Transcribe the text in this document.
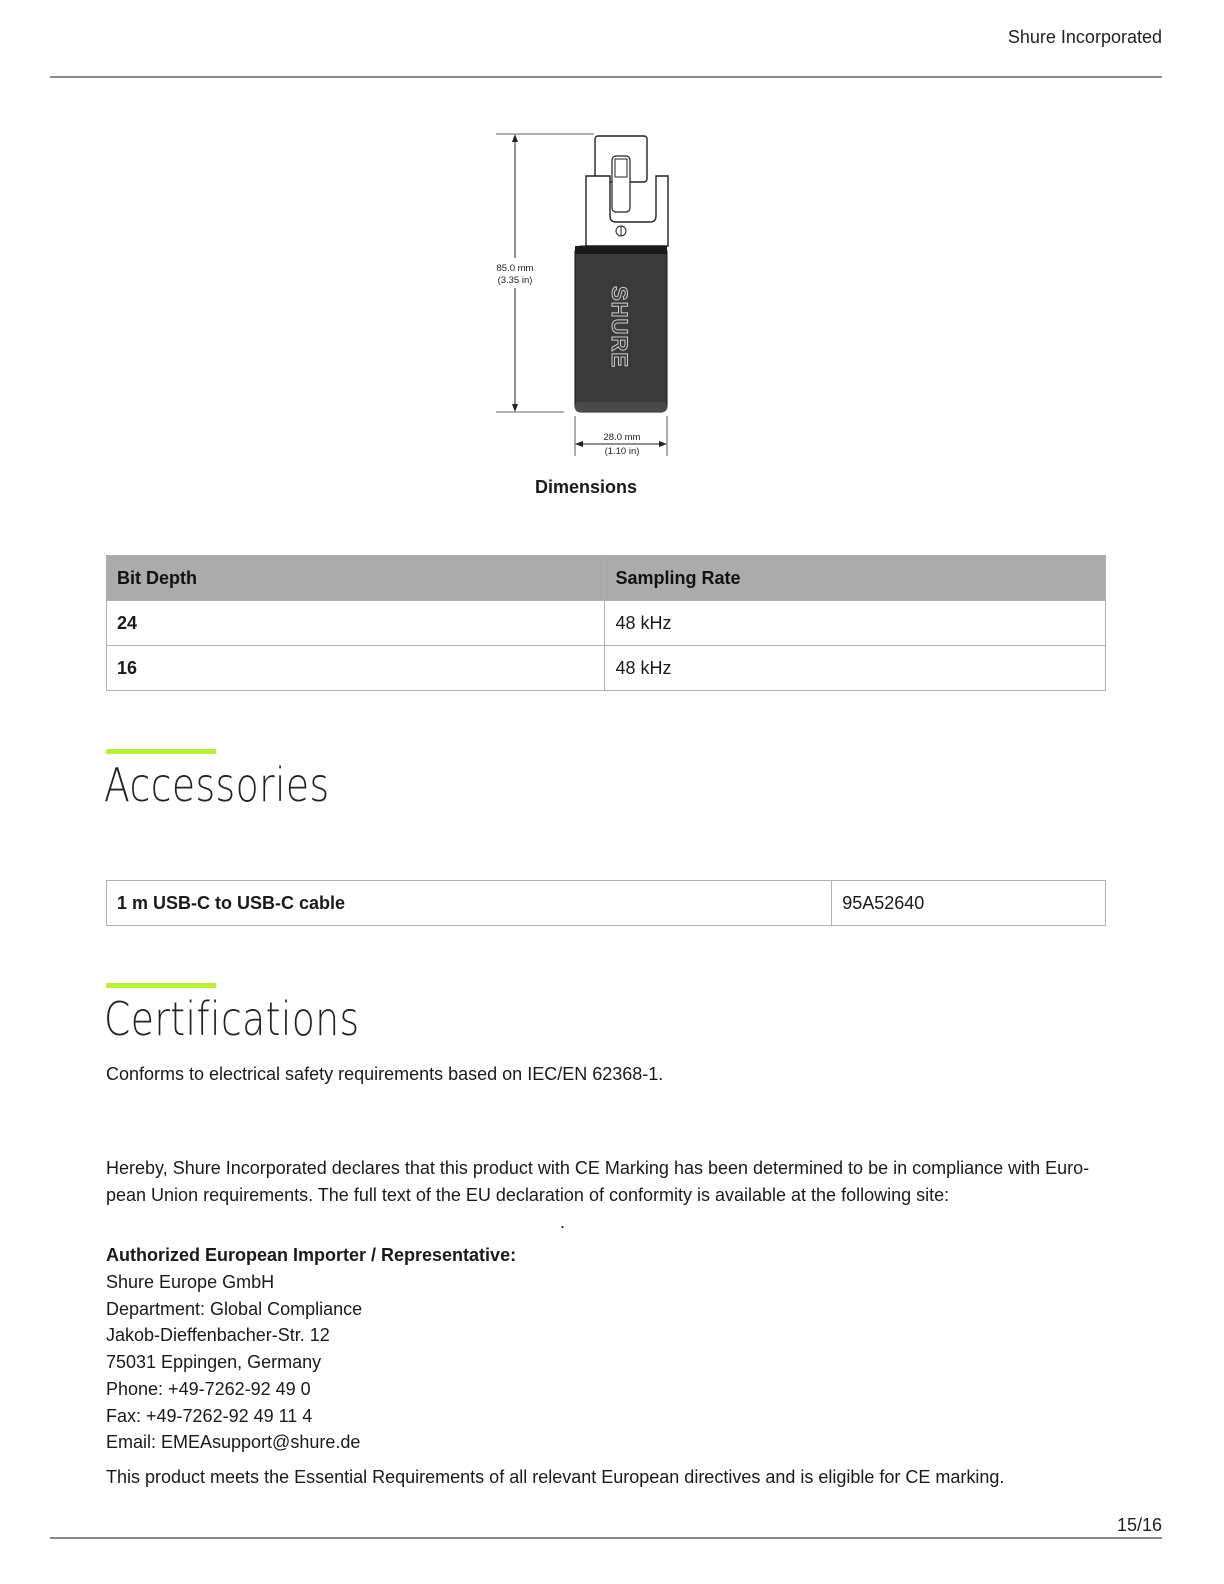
Shure Incorporated
85.0 mm
(3.35 in)
SHURE
28.0 mm
(1.10 in)
Dimensions
Bit Depth	Sampling Rate
24	48 kHz
16	48 kHz
Accessories
1 m USB-C to USB-C cable	95A52640
Certifications
Conforms to electrical safety requirements based on IEC/EN 62368-1.
Hereby, Shure Incorporated declares that this product with CE Marking has been determined to be in compliance with Euro-
pean Union requirements. The full text of the EU declaration of conformity is available at the following site:
.
Authorized European Importer / Representative:
Shure Europe GmbH
Department: Global Compliance
Jakob-Dieffenbacher-Str. 12
75031 Eppingen, Germany
Phone: +49-7262-92 49 0
Fax: +49-7262-92 49 11 4
Email: EMEAsupport@shure.de
This product meets the Essential Requirements of all relevant European directives and is eligible for CE marking.
15/16
